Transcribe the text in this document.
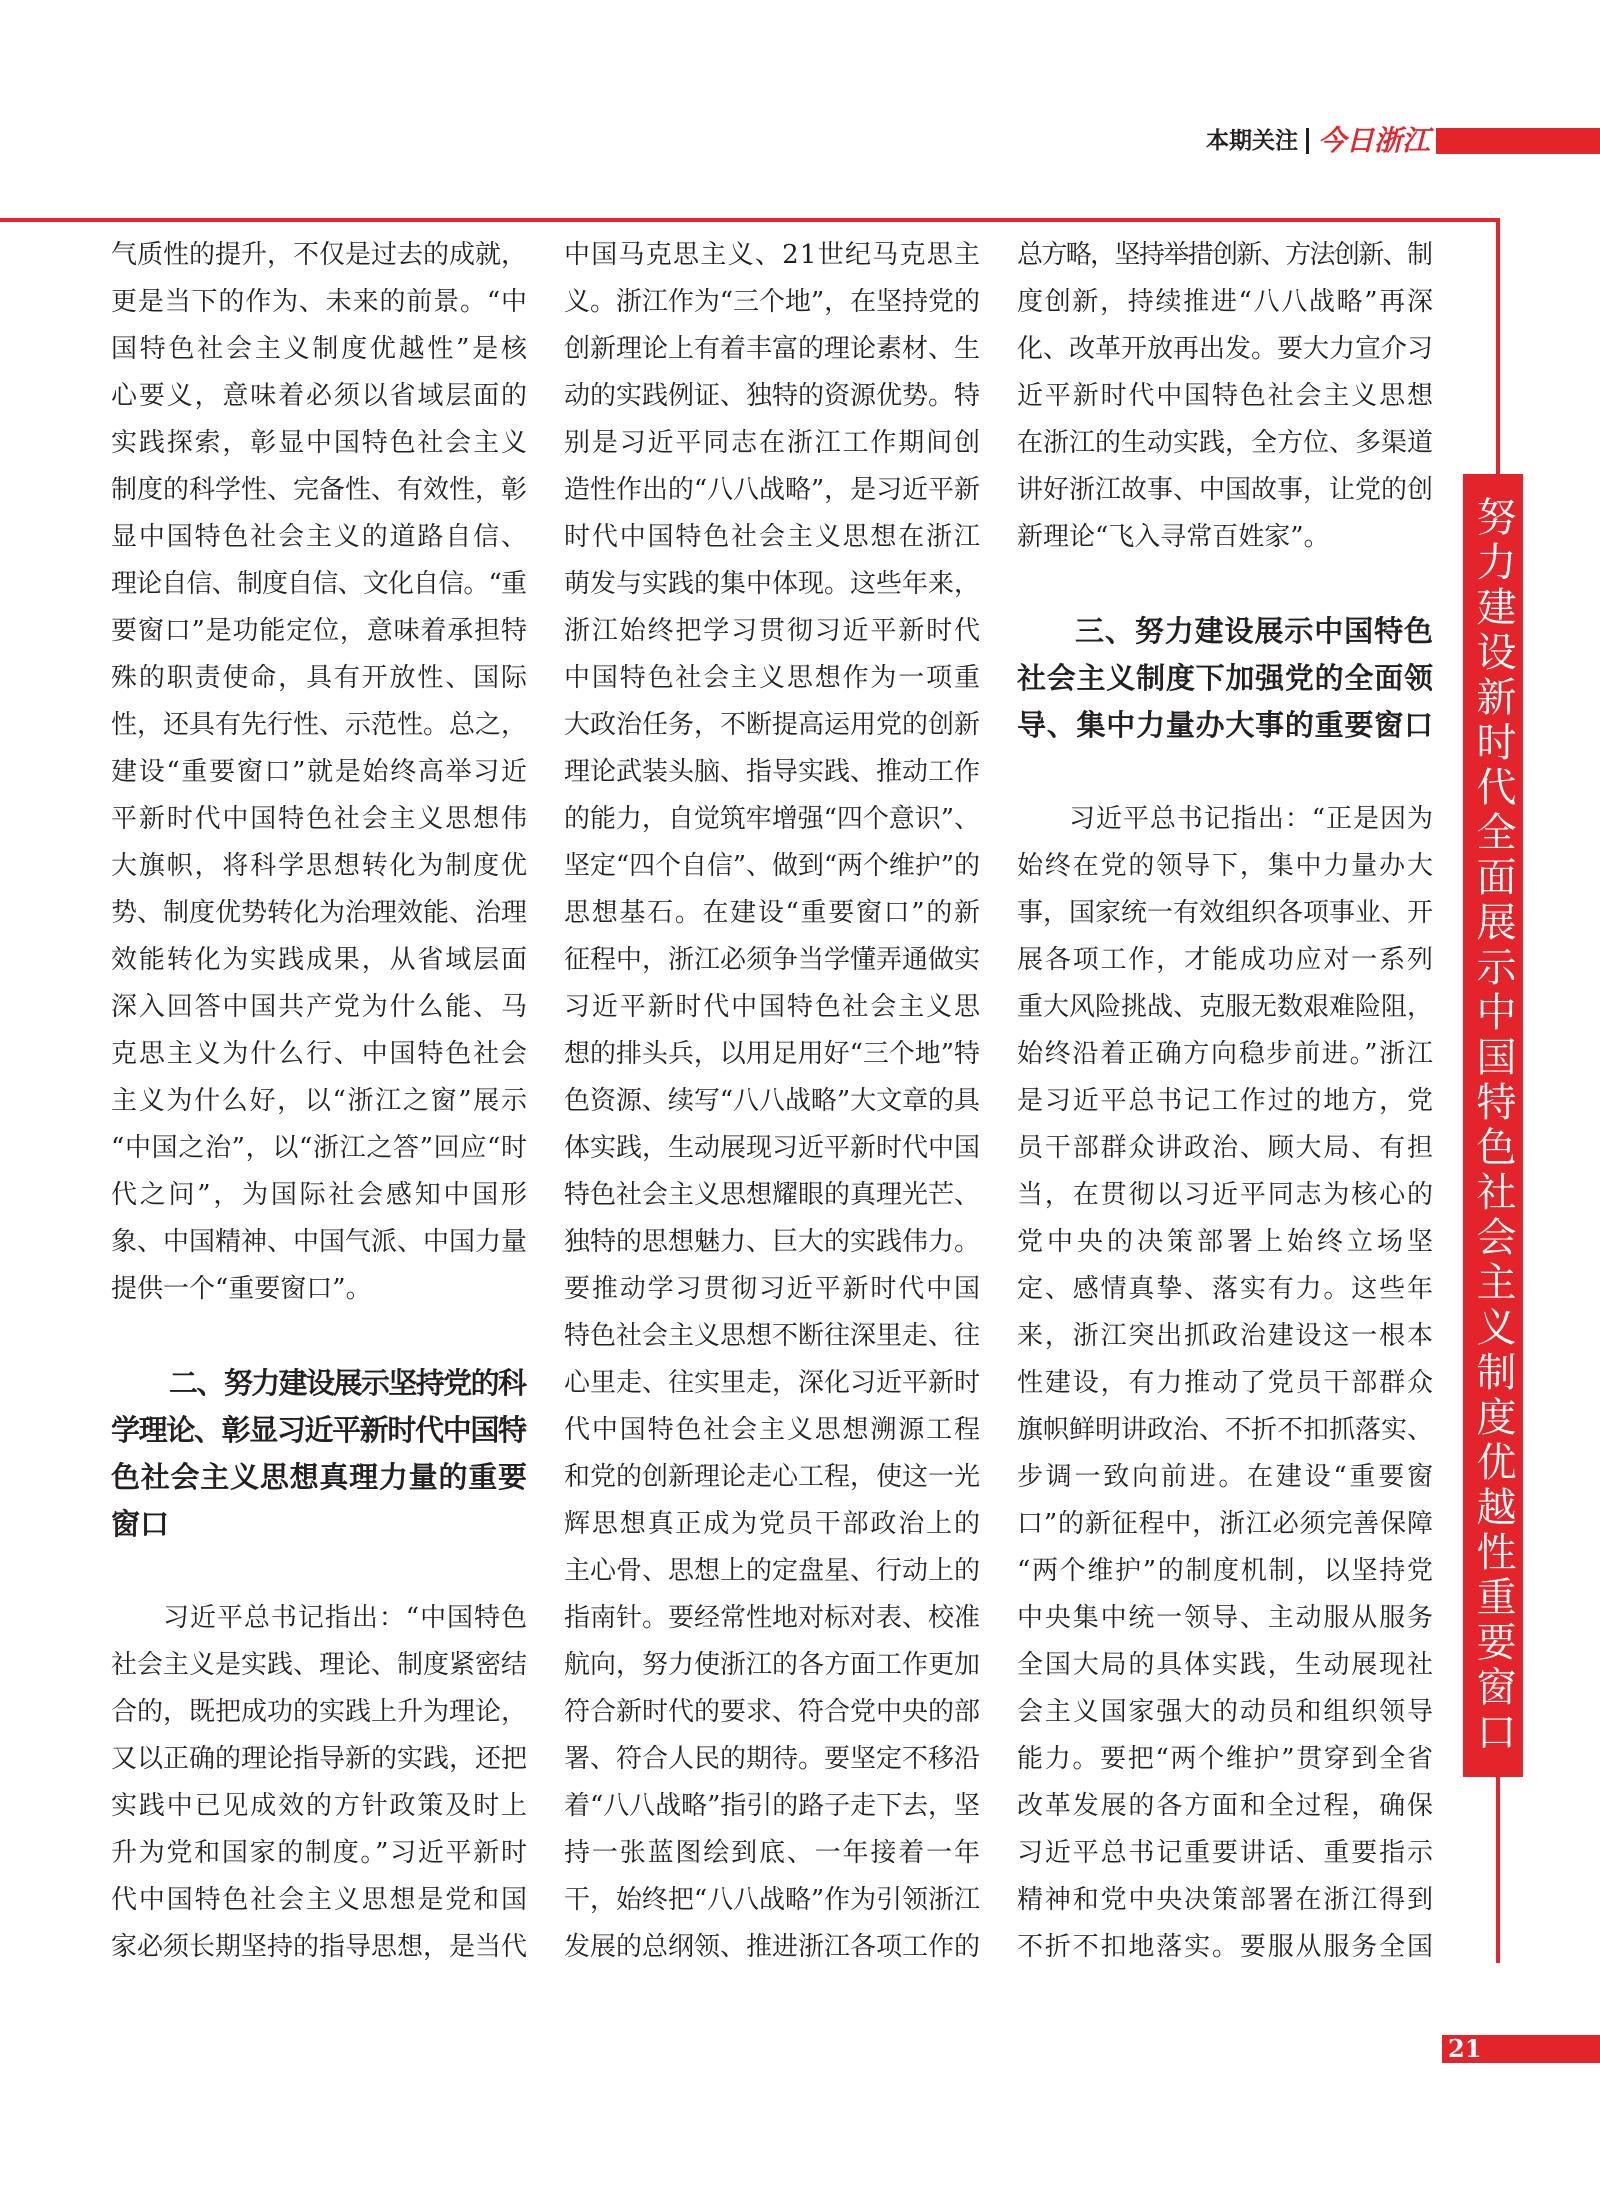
本期关注 今日浙江
努力建设新时代全面展示中国特色社会主义制度优越性重要窗口
气质性的提升，不仅是过去的成就，
更是当下的作为、未来的前景。“中
国特色社会主义制度优越性”是核
心要义，意味着必须以省域层面的
实践探索，彰显中国特色社会主义
制度的科学性、完备性、有效性，彰
显中国特色社会主义的道路自信、
理论自信、制度自信、文化自信。“重
要窗口”是功能定位，意味着承担特
殊的职责使命，具有开放性、国际
性，还具有先行性、示范性。总之，
建设“重要窗口”就是始终高举习近
平新时代中国特色社会主义思想伟
大旗帜，将科学思想转化为制度优
势、制度优势转化为治理效能、治理
效能转化为实践成果，从省域层面
深入回答中国共产党为什么能、马
克思主义为什么行、中国特色社会
主义为什么好，以“浙江之窗”展示
“中国之治”，以“浙江之答”回应“时
代之问”，为国际社会感知中国形
象、中国精神、中国气派、中国力量
提供一个“重要窗口”。
二、努力建设展示坚持党的科
学理论、彰显习近平新时代中国特
色社会主义思想真理力量的重要
窗口
习近平总书记指出：“中国特色
社会主义是实践、理论、制度紧密结
合的，既把成功的实践上升为理论，
又以正确的理论指导新的实践，还把
实践中已见成效的方针政策及时上
升为党和国家的制度。”习近平新时
代中国特色社会主义思想是党和国
家必须长期坚持的指导思想，是当代
中国马克思主义、21世纪马克思主
义。浙江作为“三个地”，在坚持党的
创新理论上有着丰富的理论素材、生
动的实践例证、独特的资源优势。特
别是习近平同志在浙江工作期间创
造性作出的“八八战略”，是习近平新
时代中国特色社会主义思想在浙江
萌发与实践的集中体现。这些年来，
浙江始终把学习贯彻习近平新时代
中国特色社会主义思想作为一项重
大政治任务，不断提高运用党的创新
理论武装头脑、指导实践、推动工作
的能力，自觉筑牢增强“四个意识”、
坚定“四个自信”、做到“两个维护”的
思想基石。在建设“重要窗口”的新
征程中，浙江必须争当学懂弄通做实
习近平新时代中国特色社会主义思
想的排头兵，以用足用好“三个地”特
色资源、续写“八八战略”大文章的具
体实践，生动展现习近平新时代中国
特色社会主义思想耀眼的真理光芒、
独特的思想魅力、巨大的实践伟力。
要推动学习贯彻习近平新时代中国
特色社会主义思想不断往深里走、往
心里走、往实里走，深化习近平新时
代中国特色社会主义思想溯源工程
和党的创新理论走心工程，使这一光
辉思想真正成为党员干部政治上的
主心骨、思想上的定盘星、行动上的
指南针。要经常性地对标对表、校准
航向，努力使浙江的各方面工作更加
符合新时代的要求、符合党中央的部
署、符合人民的期待。要坚定不移沿
着“八八战略”指引的路子走下去，坚
持一张蓝图绘到底、一年接着一年
干，始终把“八八战略”作为引领浙江
发展的总纲领、推进浙江各项工作的
总方略，坚持举措创新、方法创新、制
度创新，持续推进“八八战略”再深
化、改革开放再出发。要大力宣介习
近平新时代中国特色社会主义思想
在浙江的生动实践，全方位、多渠道
讲好浙江故事、中国故事，让党的创
新理论“飞入寻常百姓家”。
三、努力建设展示中国特色
社会主义制度下加强党的全面领
导、集中力量办大事的重要窗口
习近平总书记指出：“正是因为
始终在党的领导下，集中力量办大
事，国家统一有效组织各项事业、开
展各项工作，才能成功应对一系列
重大风险挑战、克服无数艰难险阻，
始终沿着正确方向稳步前进。”浙江
是习近平总书记工作过的地方，党
员干部群众讲政治、顾大局、有担
当，在贯彻以习近平同志为核心的
党中央的决策部署上始终立场坚
定、感情真挚、落实有力。这些年
来，浙江突出抓政治建设这一根本
性建设，有力推动了党员干部群众
旗帜鲜明讲政治、不折不扣抓落实、
步调一致向前进。在建设“重要窗
口”的新征程中，浙江必须完善保障
“两个维护”的制度机制，以坚持党
中央集中统一领导、主动服从服务
全国大局的具体实践，生动展现社
会主义国家强大的动员和组织领导
能力。要把“两个维护”贯穿到全省
改革发展的各方面和全过程，确保
习近平总书记重要讲话、重要指示
精神和党中央决策部署在浙江得到
不折不扣地落实。要服从服务全国
21
